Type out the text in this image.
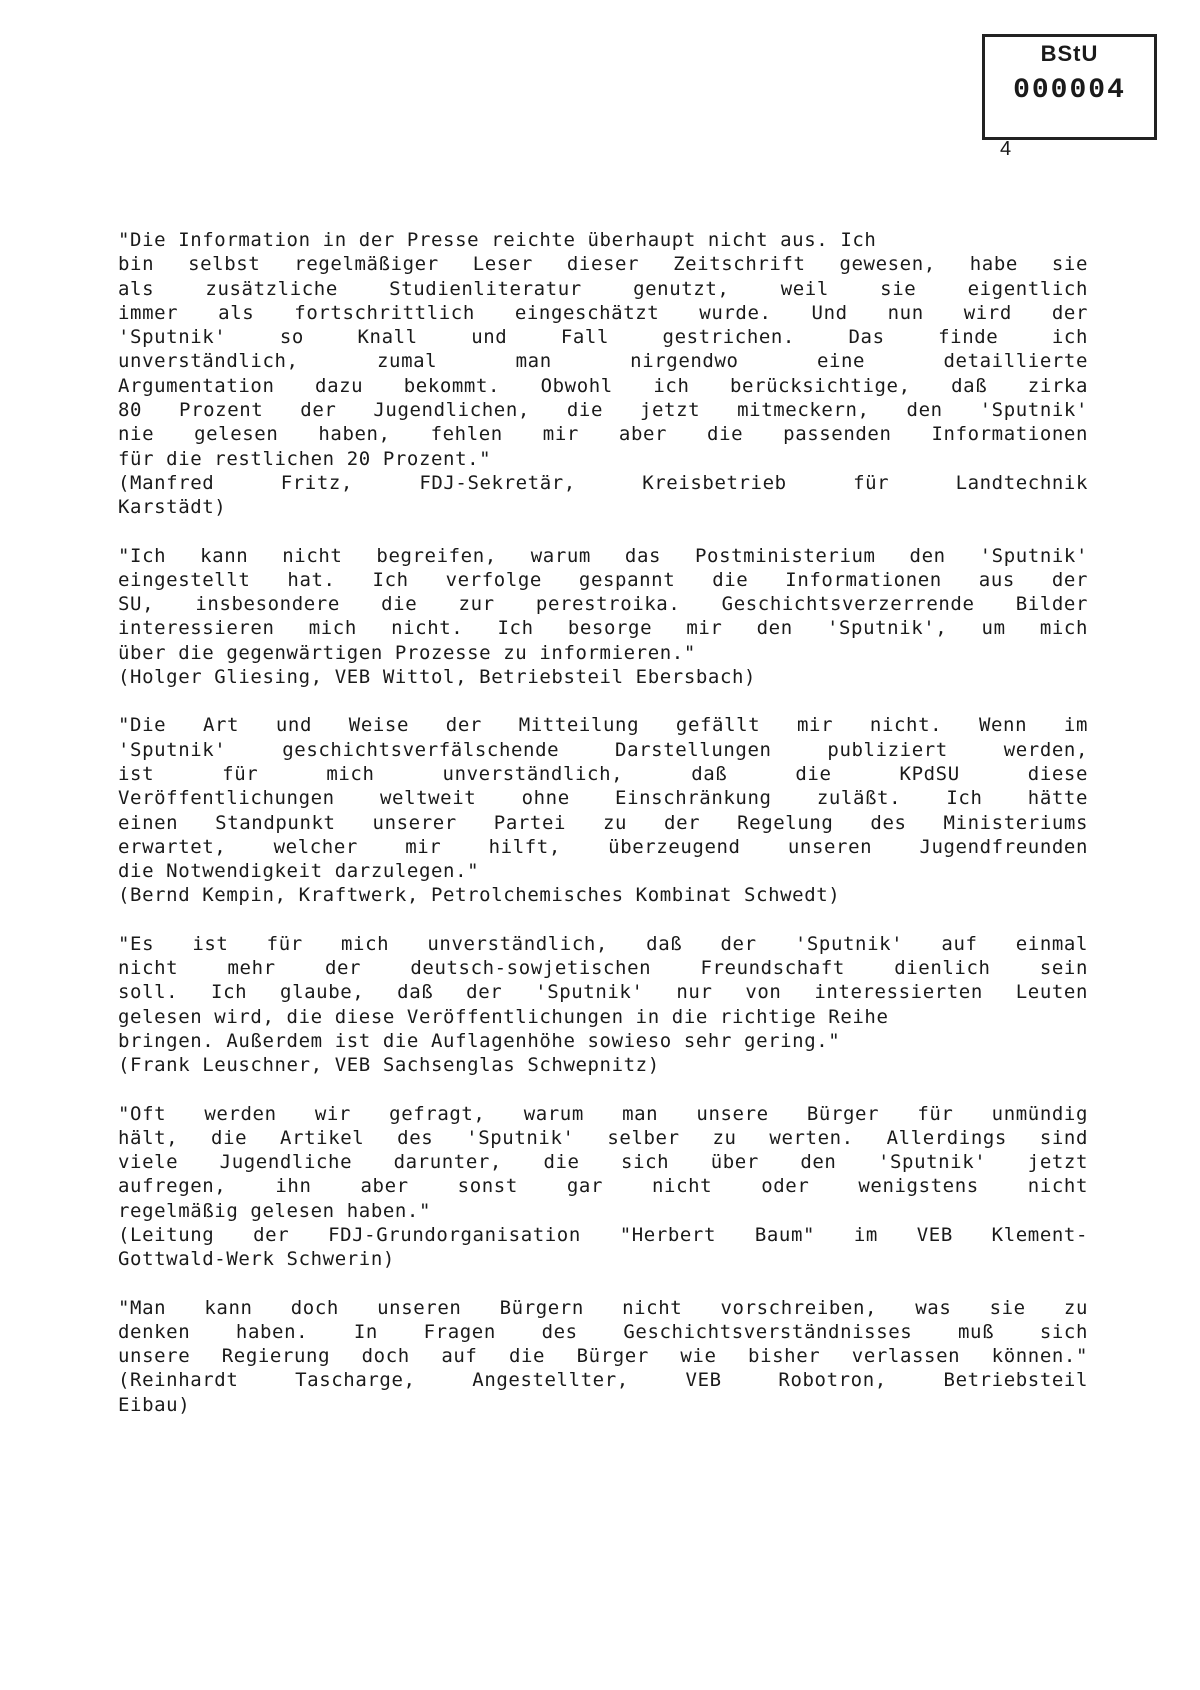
BStU
000004
4
"Die Information in der Presse reichte überhaupt nicht aus. Ich
bin selbst regelmäßiger Leser dieser Zeitschrift gewesen, habe sie
als zusätzliche Studienliteratur genutzt, weil sie eigentlich
immer als fortschrittlich eingeschätzt wurde. Und nun wird der
'Sputnik' so Knall und Fall gestrichen. Das finde ich
unverständlich, zumal man nirgendwo eine detaillierte
Argumentation dazu bekommt. Obwohl ich berücksichtige, daß zirka
80 Prozent der Jugendlichen, die jetzt mitmeckern, den 'Sputnik'
nie gelesen haben, fehlen mir aber die passenden Informationen
für die restlichen 20 Prozent."
(Manfred Fritz, FDJ-Sekretär, Kreisbetrieb für Landtechnik
Karstädt)
"Ich kann nicht begreifen, warum das Postministerium den 'Sputnik'
eingestellt hat. Ich verfolge gespannt die Informationen aus der
SU, insbesondere die zur perestroika. Geschichtsverzerrende Bilder
interessieren mich nicht. Ich besorge mir den 'Sputnik', um mich
über die gegenwärtigen Prozesse zu informieren."
(Holger Gliesing, VEB Wittol, Betriebsteil Ebersbach)
"Die Art und Weise der Mitteilung gefällt mir nicht. Wenn im
'Sputnik' geschichtsverfälschende Darstellungen publiziert werden,
ist für mich unverständlich, daß die KPdSU diese
Veröffentlichungen weltweit ohne Einschränkung zuläßt. Ich hätte
einen Standpunkt unserer Partei zu der Regelung des Ministeriums
erwartet, welcher mir hilft, überzeugend unseren Jugendfreunden
die Notwendigkeit darzulegen."
(Bernd Kempin, Kraftwerk, Petrolchemisches Kombinat Schwedt)
"Es ist für mich unverständlich, daß der 'Sputnik' auf einmal
nicht mehr der deutsch-sowjetischen Freundschaft dienlich sein
soll. Ich glaube, daß der 'Sputnik' nur von interessierten Leuten
gelesen wird, die diese Veröffentlichungen in die richtige Reihe
bringen. Außerdem ist die Auflagenhöhe sowieso sehr gering."
(Frank Leuschner, VEB Sachsenglas Schwepnitz)
"Oft werden wir gefragt, warum man unsere Bürger für unmündig
hält, die Artikel des 'Sputnik' selber zu werten. Allerdings sind
viele Jugendliche darunter, die sich über den 'Sputnik' jetzt
aufregen, ihn aber sonst gar nicht oder wenigstens nicht
regelmäßig gelesen haben."
(Leitung der FDJ-Grundorganisation "Herbert Baum" im VEB Klement-
Gottwald-Werk Schwerin)
"Man kann doch unseren Bürgern nicht vorschreiben, was sie zu
denken haben. In Fragen des Geschichtsverständnisses muß sich
unsere Regierung doch auf die Bürger wie bisher verlassen können."
(Reinhardt Tascharge, Angestellter, VEB Robotron, Betriebsteil
Eibau)
